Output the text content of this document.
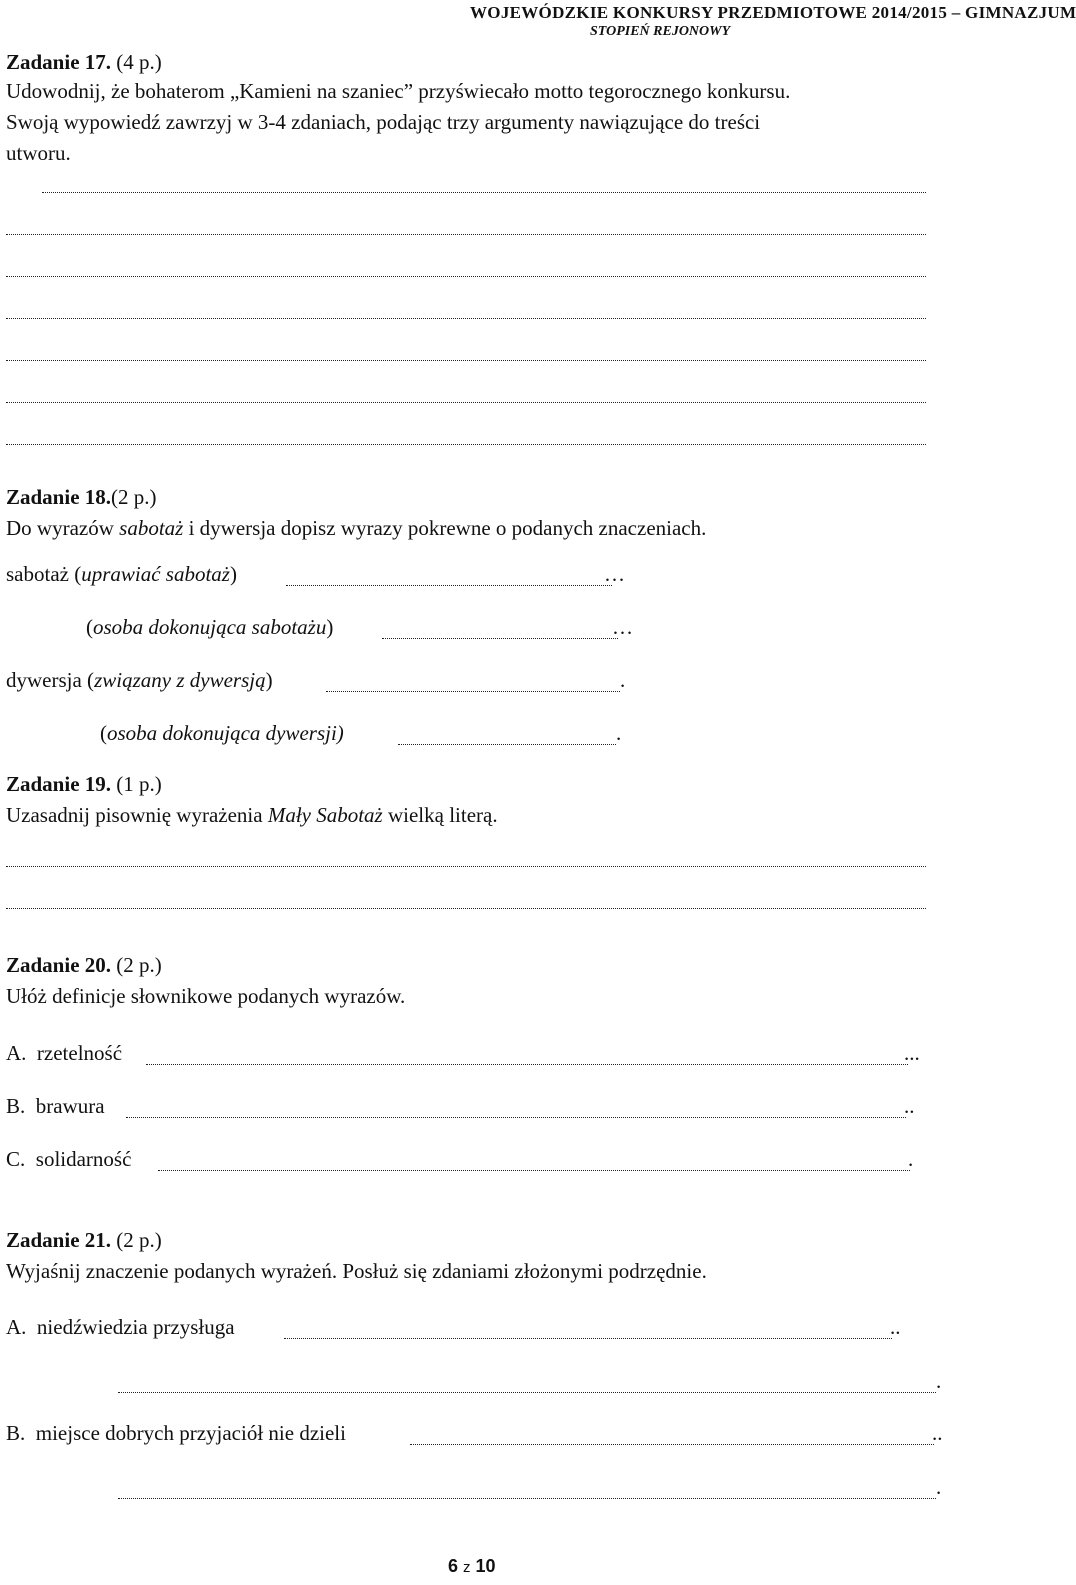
WOJEWÓDZKIE KONKURSY PRZEDMIOTOWE 2014/2015 – GIMNAZJUM
STOPIEŃ REJONOWY
Zadanie 17. (4 p.)
Udowodnij, że bohaterom „Kamieni na szaniec” przyświecało motto tegorocznego konkursu.
Swoją wypowiedź zawrzyj w 3-4 zdaniach, podając trzy argumenty nawiązujące do treści
utworu.
Zadanie 18.(2 p.)
Do wyrazów sabotaż i dywersja dopisz wyrazy pokrewne o podanych znaczeniach.
sabotaż (uprawiać sabotaż)	…
(osoba dokonująca sabotażu)	…
dywersja (związany z dywersją)	.
(osoba dokonująca dywersji)	.
Zadanie 19. (1 p.)
Uzasadnij pisownię wyrażenia Mały Sabotaż wielką literą.
Zadanie 20. (2 p.)
Ułóż definicje słownikowe podanych wyrazów.
A. rzetelność	...
B. brawura	..
C. solidarność	.
Zadanie 21. (2 p.)
Wyjaśnij znaczenie podanych wyrażeń. Posłuż się zdaniami złożonymi podrzędnie.
A. niedźwiedzia przysługa	..
.
B. miejsce dobrych przyjaciół nie dzieli	..
.
6 z 10
